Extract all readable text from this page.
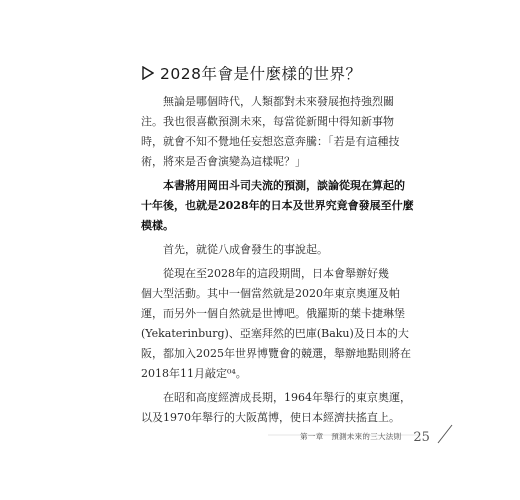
2028年會是什麼樣的世界？
　　無論是哪個時代，人類都對未來發展抱持強烈關
注。我也很喜歡預測未來，每當從新聞中得知新事物
時，就會不知不覺地任妄想恣意奔騰：「若是有這種技
術，將來是否會演變為這樣呢？」
　　本書將用岡田斗司夫流的預測，談論從現在算起的
十年後，也就是2028年的日本及世界究竟會發展至什麼
模樣。
　　首先，就從八成會發生的事說起。
　　從現在至2028年的這段期間，日本會舉辦好幾
個大型活動。其中一個當然就是2020年東京奧運及帕
運，而另外一個自然就是世博吧。俄羅斯的葉卡捷琳堡
(Yekaterinburg)、亞塞拜然的巴庫(Baku)及日本的大
阪，都加入2025年世界博覽會的競選，舉辦地點則將在
2018年11月敲定⁰⁴。
　　在昭和高度經濟成長期，1964年舉行的東京奧運，
以及1970年舉行的大阪萬博，使日本經濟扶搖直上。
第一章　預測未來的三大法則 25
